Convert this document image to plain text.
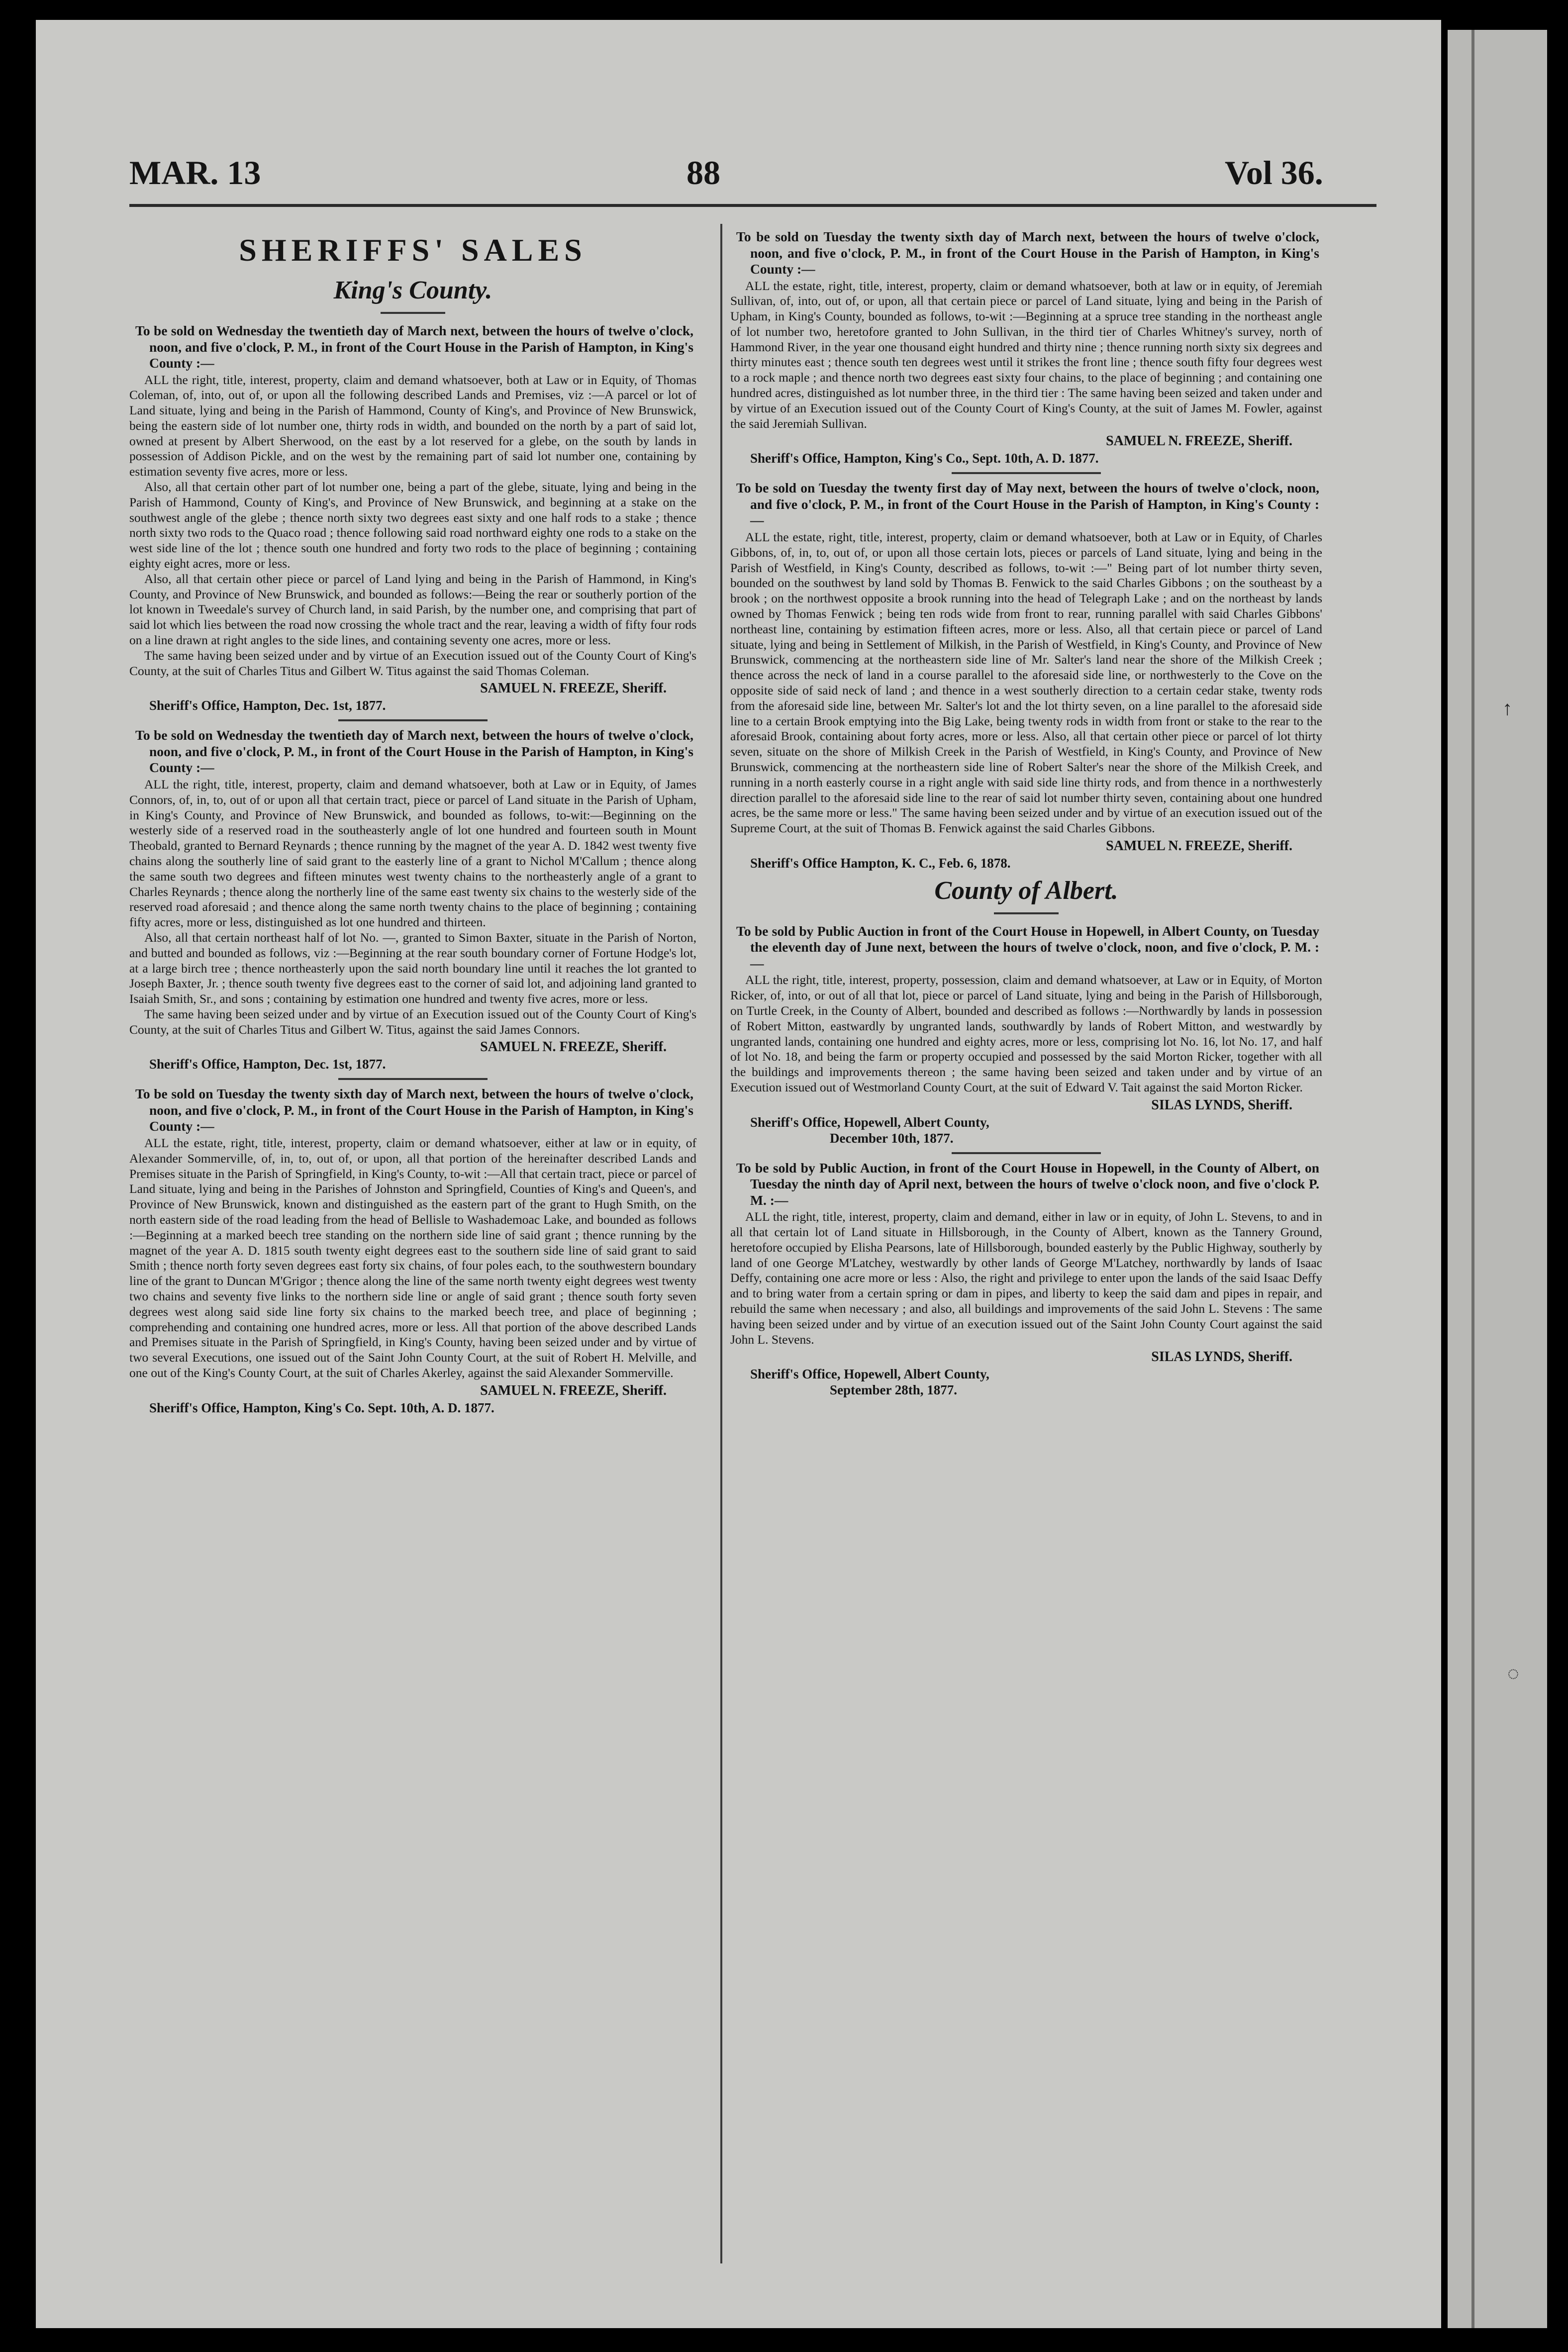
MAR. 13	88	Vol 36.
SHERIFFS' SALES
King's County.
To be sold on Wednesday the twentieth day of March next, between the hours of twelve o'clock, noon, and five o'clock, P. M., in front of the Court House in the Parish of Hampton, in King's County :—

ALL the right, title, interest, property, claim and demand whatsoever, both at Law or in Equity, of Thomas Coleman, of, into, out of, or upon all the following described Lands and Premises, viz :—A parcel or lot of Land situate, lying and being in the Parish of Hammond, County of King's, and Province of New Brunswick, being the eastern side of lot number one, thirty rods in width, and bounded on the north by a part of said lot, owned at present by Albert Sherwood, on the east by a lot reserved for a glebe, on the south by lands in possession of Addison Pickle, and on the west by the remaining part of said lot number one, containing by estimation seventy five acres, more or less.

Also, all that certain other part of lot number one, being a part of the glebe, situate, lying and being in the Parish of Hammond, County of King's, and Province of New Brunswick, and beginning at a stake on the southwest angle of the glebe ; thence north sixty two degrees east sixty and one half rods to a stake ; thence north sixty two rods to the Quaco road ; thence following said road northward eighty one rods to a stake on the west side line of the lot ; thence south one hundred and forty two rods to the place of beginning ; containing eighty eight acres, more or less.

Also, all that certain other piece or parcel of Land lying and being in the Parish of Hammond, in King's County, and Province of New Brunswick, and bounded as follows:—Being the rear or southerly portion of the lot known in Tweedale's survey of Church land, in said Parish, by the number one, and comprising that part of said lot which lies between the road now crossing the whole tract and the rear, leaving a width of fifty four rods on a line drawn at right angles to the side lines, and containing seventy one acres, more or less.

The same having been seized under and by virtue of an Execution issued out of the County Court of King's County, at the suit of Charles Titus and Gilbert W. Titus against the said Thomas Coleman.

SAMUEL N. FREEZE, Sheriff.
Sheriff's Office, Hampton, Dec. 1st, 1877.
To be sold on Wednesday the twentieth day of March next, between the hours of twelve o'clock, noon, and five o'clock, P. M., in front of the Court House in the Parish of Hampton, in King's County :—

ALL the right, title, interest, property, claim and demand whatsoever, both at Law or in Equity, of James Connors, of, in, to, out of or upon all that certain tract, piece or parcel of Land situate in the Parish of Upham, in King's County, and Province of New Brunswick, and bounded as follows, to-wit:—Beginning on the westerly side of a reserved road in the southeasterly angle of lot one hundred and fourteen south in Mount Theobald, granted to Bernard Reynards ; thence running by the magnet of the year A. D. 1842 west twenty five chains along the southerly line of said grant to the easterly line of a grant to Nichol M'Callum ; thence along the same south two degrees and fifteen minutes west twenty chains to the northeasterly angle of a grant to Charles Reynards ; thence along the northerly line of the same east twenty six chains to the westerly side of the reserved road aforesaid ; and thence along the same north twenty chains to the place of beginning ; containing fifty acres, more or less, distinguished as lot one hundred and thirteen.

Also, all that certain northeast half of lot No. —, granted to Simon Baxter, situate in the Parish of Norton, and butted and bounded as follows, viz :—Beginning at the rear south boundary corner of Fortune Hodge's lot, at a large birch tree ; thence northeasterly upon the said north boundary line until it reaches the lot granted to Joseph Baxter, Jr. ; thence south twenty five degrees east to the corner of said lot, and adjoining land granted to Isaiah Smith, Sr., and sons ; containing by estimation one hundred and twenty five acres, more or less.

The same having been seized under and by virtue of an Execution issued out of the County Court of King's County, at the suit of Charles Titus and Gilbert W. Titus, against the said James Connors.

SAMUEL N. FREEZE, Sheriff.
Sheriff's Office, Hampton, Dec. 1st, 1877.
To be sold on Tuesday the twenty sixth day of March next, between the hours of twelve o'clock, noon, and five o'clock, P. M., in front of the Court House in the Parish of Hampton, in King's County :—

ALL the estate, right, title, interest, property, claim or demand whatsoever, either at law or in equity, of Alexander Sommerville, of, in, to, out of, or upon, all that portion of the hereinafter described Lands and Premises situate in the Parish of Springfield, in King's County, to-wit :—All that certain tract, piece or parcel of Land situate, lying and being in the Parishes of Johnston and Springfield, Counties of King's and Queen's, and Province of New Brunswick, known and distinguished as the eastern part of the grant to Hugh Smith, on the north eastern side of the road leading from the head of Bellisle to Washademoac Lake, and bounded as follows :—Beginning at a marked beech tree standing on the northern side line of said grant ; thence running by the magnet of the year A. D. 1815 south twenty eight degrees east to the southern side line of said grant to said Smith ; thence north forty seven degrees east forty six chains, of four poles each, to the southwestern boundary line of the grant to Duncan M'Grigor ; thence along the line of the same north twenty eight degrees west twenty two chains and seventy five links to the northern side line or angle of said grant ; thence south forty seven degrees west along said side line forty six chains to the marked beech tree, and place of beginning ; comprehending and containing one hundred acres, more or less. All that portion of the above described Lands and Premises situate in the Parish of Springfield, in King's County, having been seized under and by virtue of two several Executions, one issued out of the Saint John County Court, at the suit of Robert H. Melville, and one out of the King's County Court, at the suit of Charles Akerley, against the said Alexander Sommerville.

SAMUEL N. FREEZE, Sheriff.
Sheriff's Office, Hampton, King's Co. Sept. 10th, A. D. 1877.
To be sold on Tuesday the twenty sixth day of March next, between the hours of twelve o'clock, noon, and five o'clock, P. M., in front of the Court House in the Parish of Hampton, in King's County :—

ALL the estate, right, title, interest, property, claim or demand whatsoever, both at law or in equity, of Jeremiah Sullivan, of, into, out of, or upon, all that certain piece or parcel of Land situate, lying and being in the Parish of Upham, in King's County, bounded as follows, to-wit :—Beginning at a spruce tree standing in the northeast angle of lot number two, heretofore granted to John Sullivan, in the third tier of Charles Whitney's survey, north of Hammond River, in the year one thousand eight hundred and thirty nine ; thence running north sixty six degrees and thirty minutes east ; thence south ten degrees west until it strikes the front line ; thence south fifty four degrees west to a rock maple ; and thence north two degrees east sixty four chains, to the place of beginning ; and containing one hundred acres, distinguished as lot number three, in the third tier : The same having been seized and taken under and by virtue of an Execution issued out of the County Court of King's County, at the suit of James M. Fowler, against the said Jeremiah Sullivan.

SAMUEL N. FREEZE, Sheriff.
Sheriff's Office, Hampton, King's Co., Sept. 10th, A. D. 1877.
To be sold on Tuesday the twenty first day of May next, between the hours of twelve o'clock, noon, and five o'clock, P. M., in front of the Court House in the Parish of Hampton, in King's County :—

ALL the estate, right, title, interest, property, claim or demand whatsoever, both at Law or in Equity, of Charles Gibbons, of, in, to, out of, or upon all those certain lots, pieces or parcels of Land situate, lying and being in the Parish of Westfield, in King's County, described as follows, to-wit :—" Being part of lot number thirty seven, bounded on the southwest by land sold by Thomas B. Fenwick to the said Charles Gibbons ; on the southeast by a brook ; on the northwest opposite a brook running into the head of Telegraph Lake ; and on the northeast by lands owned by Thomas Fenwick ; being ten rods wide from front to rear, running parallel with said Charles Gibbons' northeast line, containing by estimation fifteen acres, more or less. Also, all that certain piece or parcel of Land situate, lying and being in Settlement of Milkish, in the Parish of Westfield, in King's County, and Province of New Brunswick, commencing at the northeastern side line of Mr. Salter's land near the shore of the Milkish Creek ; thence across the neck of land in a course parallel to the aforesaid side line, or northwesterly to the Cove on the opposite side of said neck of land ; and thence in a west southerly direction to a certain cedar stake, twenty rods from the aforesaid side line, between Mr. Salter's lot and the lot thirty seven, on a line parallel to the aforesaid side line to a certain Brook emptying into the Big Lake, being twenty rods in width from front or stake to the rear to the aforesaid Brook, containing about forty acres, more or less. Also, all that certain other piece or parcel of lot thirty seven, situate on the shore of Milkish Creek in the Parish of Westfield, in King's County, and Province of New Brunswick, commencing at the northeastern side line of Robert Salter's near the shore of the Milkish Creek, and running in a north easterly course in a right angle with said side line thirty rods, and from thence in a northwesterly direction parallel to the aforesaid side line to the rear of said lot number thirty seven, containing about one hundred acres, be the same more or less." The same having been seized under and by virtue of an execution issued out of the Supreme Court, at the suit of Thomas B. Fenwick against the said Charles Gibbons.

SAMUEL N. FREEZE, Sheriff.
Sheriff's Office Hampton, K. C., Feb. 6, 1878.
County of Albert.
To be sold by Public Auction in front of the Court House in Hopewell, in Albert County, on Tuesday the eleventh day of June next, between the hours of twelve o'clock, noon, and five o'clock, P. M. :—

ALL the right, title, interest, property, possession, claim and demand whatsoever, at Law or in Equity, of Morton Ricker, of, into, or out of all that lot, piece or parcel of Land situate, lying and being in the Parish of Hillsborough, on Turtle Creek, in the County of Albert, bounded and described as follows :—Northwardly by lands in possession of Robert Mitton, eastwardly by ungranted lands, southwardly by lands of Robert Mitton, and westwardly by ungranted lands, containing one hundred and eighty acres, more or less, comprising lot No. 16, lot No. 17, and half of lot No. 18, and being the farm or property occupied and possessed by the said Morton Ricker, together with all the buildings and improvements thereon ; the same having been seized and taken under and by virtue of an Execution issued out of Westmorland County Court, at the suit of Edward V. Tait against the said Morton Ricker.

SILAS LYNDS, Sheriff.
Sheriff's Office, Hopewell, Albert County,
December 10th, 1877.
To be sold by Public Auction, in front of the Court House in Hopewell, in the County of Albert, on Tuesday the ninth day of April next, between the hours of twelve o'clock noon, and five o'clock P. M. :—

ALL the right, title, interest, property, claim and demand, either in law or in equity, of John L. Stevens, to and in all that certain lot of Land situate in Hillsborough, in the County of Albert, known as the Tannery Ground, heretofore occupied by Elisha Pearsons, late of Hillsborough, bounded easterly by the Public Highway, southerly by land of one George M'Latchey, westwardly by other lands of George M'Latchey, northwardly by lands of Isaac Deffy, containing one acre more or less : Also, the right and privilege to enter upon the lands of the said Isaac Deffy and to bring water from a certain spring or dam in pipes, and liberty to keep the said dam and pipes in repair, and rebuild the same when necessary ; and also, all buildings and improvements of the said John L. Stevens : The same having been seized under and by virtue of an execution issued out of the Saint John County Court against the said John L. Stevens.

SILAS LYNDS, Sheriff.
Sheriff's Office, Hopewell, Albert County,
September 28th, 1877.
↑
◌
